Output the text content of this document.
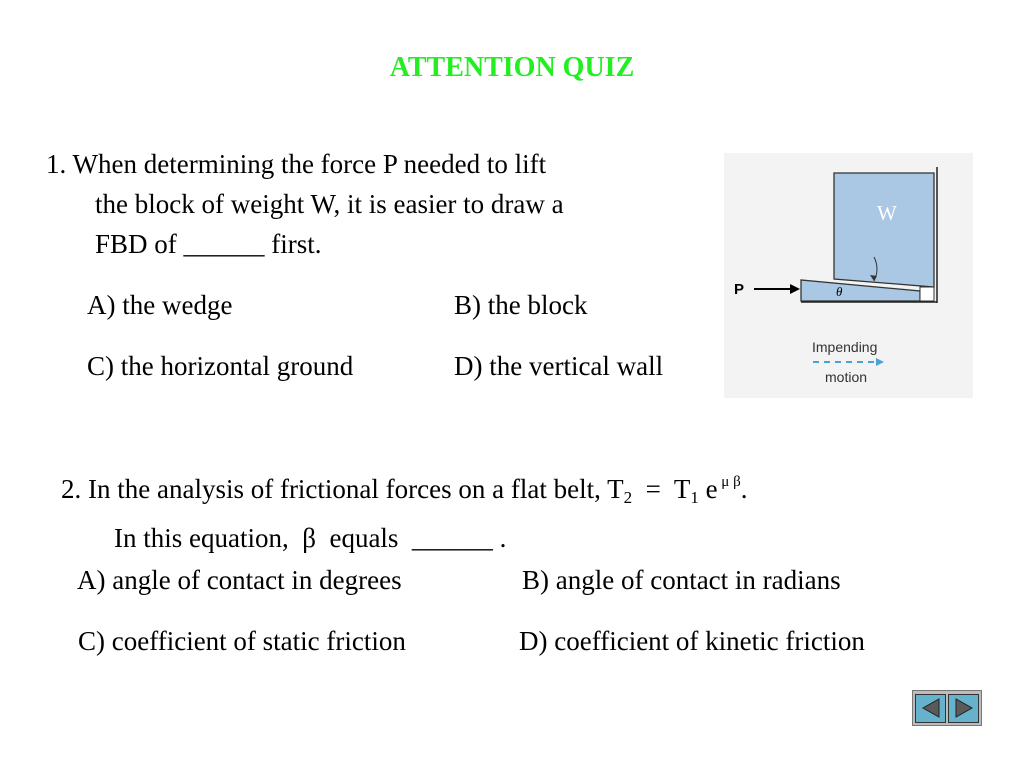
ATTENTION QUIZ
1. When determining the force P needed to lift
the block of weight W, it is easier to draw a
FBD of ______ first.
A) the wedge	B) the block
C) the horizontal ground	D) the vertical wall
W
θ
P
Impending
motion
2. In the analysis of frictional forces on a flat belt, $T_2 = T_1$ e $^{\mu \beta}$.
In this equation,  β  equals  ______ .
A) angle of contact in degrees	B) angle of contact in radians
C) coefficient of static friction	D) coefficient of kinetic friction
